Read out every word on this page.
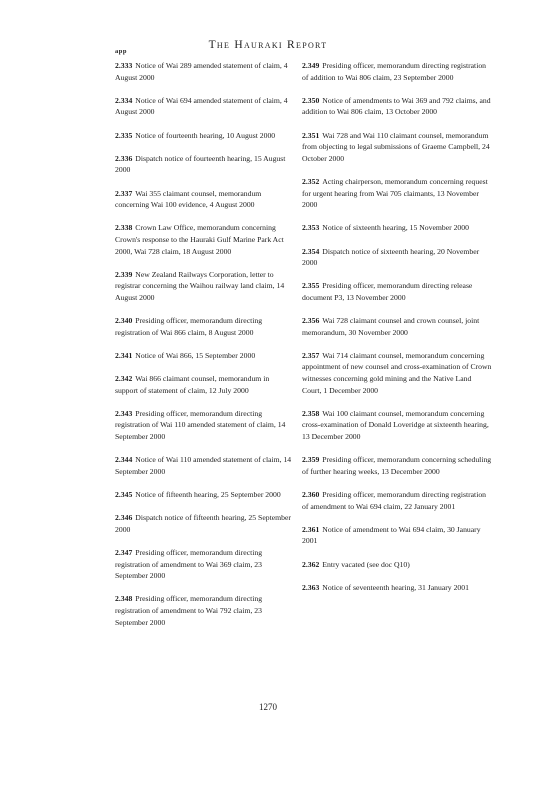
The Hauraki Report
app
2.333 Notice of Wai 289 amended statement of claim, 4 August 2000
2.334 Notice of Wai 694 amended statement of claim, 4 August 2000
2.335 Notice of fourteenth hearing, 10 August 2000
2.336 Dispatch notice of fourteenth hearing, 15 August 2000
2.337 Wai 355 claimant counsel, memorandum concerning Wai 100 evidence, 4 August 2000
2.338 Crown Law Office, memorandum concerning Crown's response to the Hauraki Gulf Marine Park Act 2000, Wai 728 claim, 18 August 2000
2.339 New Zealand Railways Corporation, letter to registrar concerning the Waihou railway land claim, 14 August 2000
2.340 Presiding officer, memorandum directing registration of Wai 866 claim, 8 August 2000
2.341 Notice of Wai 866, 15 September 2000
2.342 Wai 866 claimant counsel, memorandum in support of statement of claim, 12 July 2000
2.343 Presiding officer, memorandum directing registration of Wai 110 amended statement of claim, 14 September 2000
2.344 Notice of Wai 110 amended statement of claim, 14 September 2000
2.345 Notice of fifteenth hearing, 25 September 2000
2.346 Dispatch notice of fifteenth hearing, 25 September 2000
2.347 Presiding officer, memorandum directing registration of amendment to Wai 369 claim, 23 September 2000
2.348 Presiding officer, memorandum directing registration of amendment to Wai 792 claim, 23 September 2000
2.349 Presiding officer, memorandum directing registration of addition to Wai 806 claim, 23 September 2000
2.350 Notice of amendments to Wai 369 and 792 claims, and addition to Wai 806 claim, 13 October 2000
2.351 Wai 728 and Wai 110 claimant counsel, memorandum from objecting to legal submissions of Graeme Campbell, 24 October 2000
2.352 Acting chairperson, memorandum concerning request for urgent hearing from Wai 705 claimants, 13 November 2000
2.353 Notice of sixteenth hearing, 15 November 2000
2.354 Dispatch notice of sixteenth hearing, 20 November 2000
2.355 Presiding officer, memorandum directing release document P3, 13 November 2000
2.356 Wai 728 claimant counsel and crown counsel, joint memorandum, 30 November 2000
2.357 Wai 714 claimant counsel, memorandum concerning appointment of new counsel and cross-examination of Crown witnesses concerning gold mining and the Native Land Court, 1 December 2000
2.358 Wai 100 claimant counsel, memorandum concerning cross-examination of Donald Loveridge at sixteenth hearing, 13 December 2000
2.359 Presiding officer, memorandum concerning scheduling of further hearing weeks, 13 December 2000
2.360 Presiding officer, memorandum directing registration of amendment to Wai 694 claim, 22 January 2001
2.361 Notice of amendment to Wai 694 claim, 30 January 2001
2.362 Entry vacated (see doc Q10)
2.363 Notice of seventeenth hearing, 31 January 2001
1270
